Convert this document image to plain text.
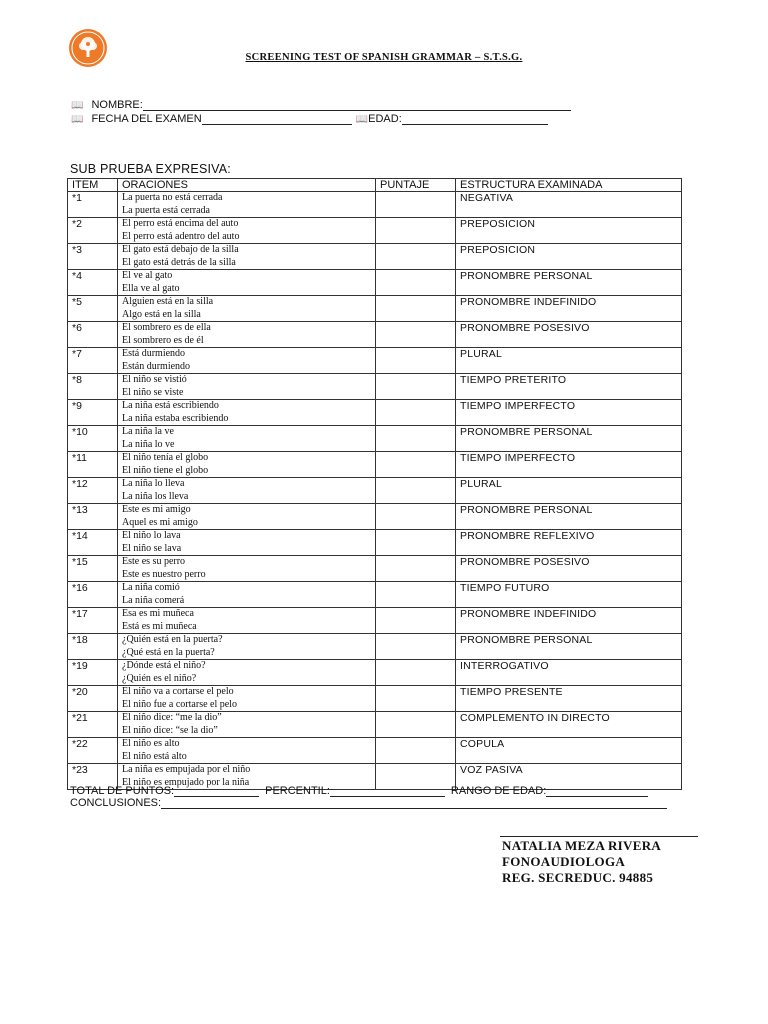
SCREENING TEST OF SPANISH GRAMMAR – S.T.S.G.
📖 NOMBRE:
📖 FECHA DEL EXAMEN	📖 EDAD:
SUB PRUEBA EXPRESIVA:
ITEM	ORACIONES	PUNTAJE	ESTRUCTURA EXAMINADA
*1	La puerta no está cerrada
La puerta está cerrada		NEGATIVA
*2	El perro está encima del auto
El perro está adentro del auto		PREPOSICION
*3	El gato está debajo de la silla
El gato está detrás de la silla		PREPOSICION
*4	El ve al gato
Ella ve al gato		PRONOMBRE PERSONAL
*5	Alguien está en la silla
Algo está en la silla		PRONOMBRE INDEFINIDO
*6	El sombrero es de ella
El sombrero es de él		PRONOMBRE POSESIVO
*7	Está durmiendo
Están durmiendo		PLURAL
*8	El niño se vistió
El niño se viste		TIEMPO PRETERITO
*9	La niña está escribiendo
La niña estaba escribiendo		TIEMPO IMPERFECTO
*10	La niña la ve
La niña lo ve		PRONOMBRE PERSONAL
*11	El niño tenía el globo
El niño tiene el globo		TIEMPO IMPERFECTO
*12	La niña lo lleva
La niña los lleva		PLURAL
*13	Este es mi amigo
Aquel es mi amigo		PRONOMBRE PERSONAL
*14	El niño lo lava
El niño se lava		PRONOMBRE REFLEXIVO
*15	Este es su perro
Este es nuestro perro		PRONOMBRE POSESIVO
*16	La niña comió
La niña comerá		TIEMPO FUTURO
*17	Esa es mi muñeca
Está es mi muñeca		PRONOMBRE INDEFINIDO
*18	¿Quién está en la puerta?
¿Qué está en la puerta?		PRONOMBRE PERSONAL
*19	¿Dónde está el niño?
¿Quién es el niño?		INTERROGATIVO
*20	El niño va a cortarse el pelo
El niño fue a cortarse el pelo		TIEMPO PRESENTE
*21	El niño dice: “me la dio”
El niño dice: “se la dio”		COMPLEMENTO IN DIRECTO
*22	El niño es alto
El niño está alto		COPULA
*23	La niña es empujada por el niño
El niño es empujado por la niña		VOZ PASIVA
TOTAL DE PUNTOS:	PERCENTIL:	RANGO DE EDAD:
CONCLUSIONES:
NATALIA MEZA RIVERA
FONOAUDIOLOGA
REG. SECREDUC. 94885
